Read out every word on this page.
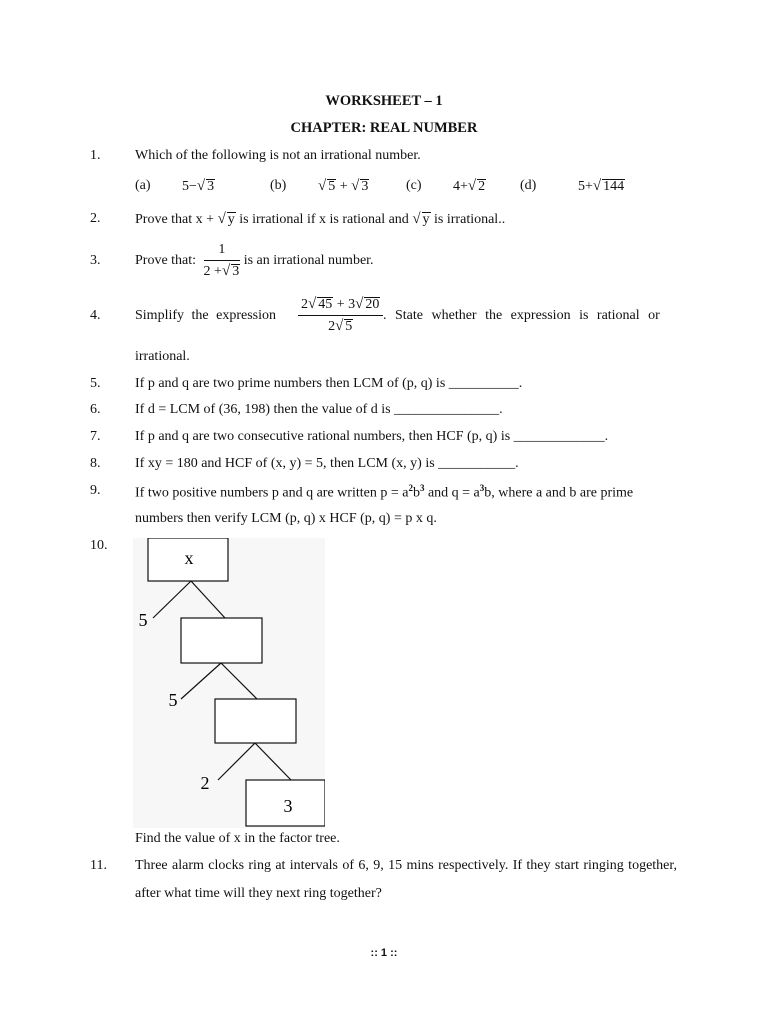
WORKSHEET – 1
CHAPTER: REAL NUMBER
1. Which of the following is not an irrational number.
(a) 5−√ 3	(b) √ 5 + √ 3	(c) 4+√ 2 (d)	5+√ 144
2. Prove that x + √ y is irrational if x is rational and √ y is irrational..
3. Prove that: $\frac{1}{2 +√ 3}$ is an irrational number.
4. Simplify the expression	$\frac{2√ 45 + 3√ 20}{2√ 5}$ . State whether the expression is rational or
irrational.
5. If p and q are two prime numbers then LCM of (p, q) is __________.
6. If d = LCM of (36, 198) then the value of d is _______________.
7. If p and q are two consecutive rational numbers, then HCF (p, q) is _____________.
8. If xy = 180 and HCF of (x, y) = 5, then LCM (x, y) is ___________.
9. If two positive numbers p and q are written $p = a^2b^3$ and $q = a^3b$, where a and b are prime
numbers then verify LCM (p, q) x HCF (p, q) = p x q.
10.
x
5
5
2
3
Find the value of x in the factor tree.
11. Three alarm clocks ring at intervals of 6, 9, 15 mins respectively. If they start ringing together, after what time will they next ring together?
:: 1 ::
